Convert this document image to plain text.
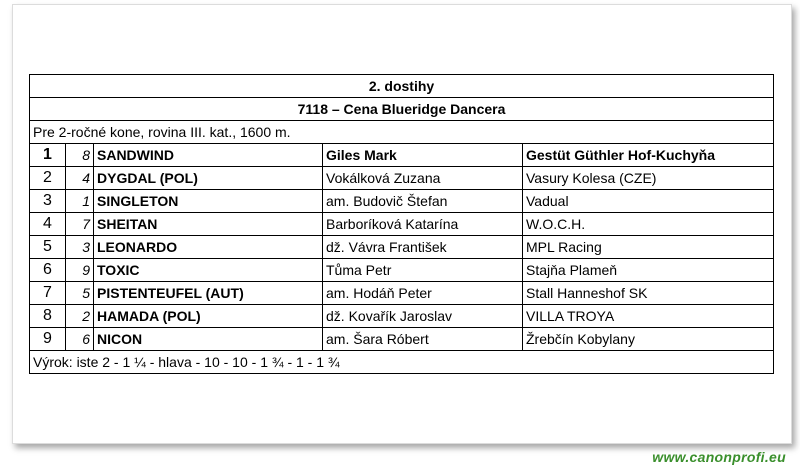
2. dostihy				
7118 – Cena Blueridge Dancera				
Pre 2-ročné kone, rovina III. kat., 1600 m.				
1	8	SANDWIND	Giles Mark	Gestüt Güthler Hof-Kuchyňa
2	4	DYGDAL (POL)	Vokálková Zuzana	Vasury Kolesa (CZE)
3	1	SINGLETON	am. Budovič Štefan	Vadual
4	7	SHEITAN	Barboríková Katarína	W.O.C.H.
5	3	LEONARDO	dž. Vávra František	MPL Racing
6	9	TOXIC	Tůma Petr	Stajňa Plameň
7	5	PISTENTEUFEL (AUT)	am. Hodáň Peter	Stall Hanneshof SK
8	2	HAMADA (POL)	dž. Kovařík Jaroslav	VILLA TROYA
9	6	NICON	am. Šara Róbert	Žrebčín Kobylany
Výrok: iste 2 - 1 ¼ - hlava - 10 - 10 - 1 ¾ - 1 - 1 ¾				
www.canonprofi.eu
